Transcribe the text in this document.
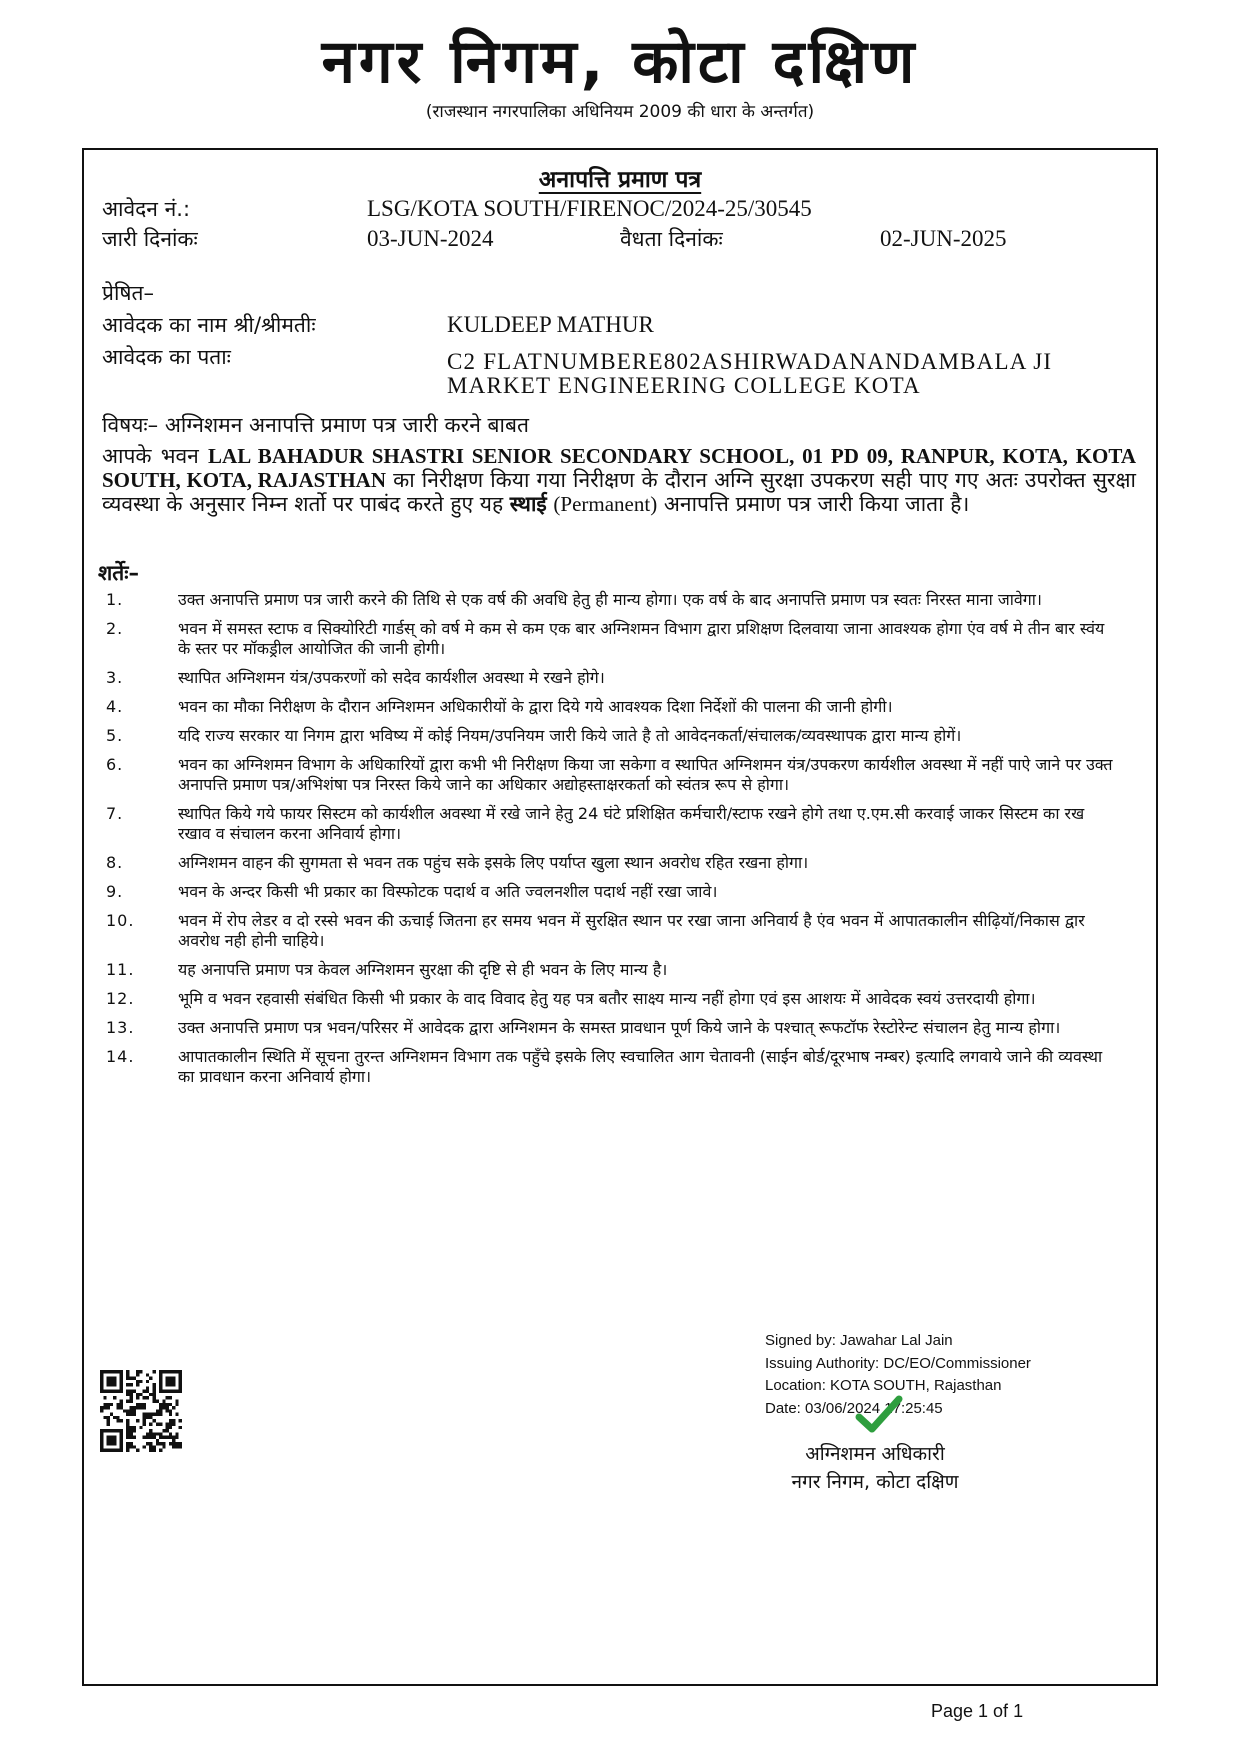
नगर निगम, कोटा दक्षिण
(राजस्थान नगरपालिका अधिनियम 2009 की धारा के अन्तर्गत)
अनापत्ति प्रमाण पत्र
आवेदन नं.:	LSG/KOTA SOUTH/FIRENOC/2024-25/30545
जारी दिनांकः	03-JUN-2024	वैधता दिनांकः	02-JUN-2025
प्रेषित–
आवेदक का नाम श्री/श्रीमतीः	KULDEEP MATHUR
आवेदक का पताः	C2 FLATNUMBERE802ASHIRWADANANDAMBALA JI MARKET ENGINEERING COLLEGE KOTA
विषयः– अग्निशमन अनापत्ति प्रमाण पत्र जारी करने बाबत
आपके भवन LAL BAHADUR SHASTRI SENIOR SECONDARY SCHOOL, 01 PD 09, RANPUR, KOTA, KOTA SOUTH, KOTA, RAJASTHAN का निरीक्षण किया गया निरीक्षण के दौरान अग्नि सुरक्षा उपकरण सही पाए गए अतः उपरोक्त सुरक्षा व्यवस्था के अनुसार निम्न शर्तो पर पाबंद करते हुए यह स्थाई (Permanent) अनापत्ति प्रमाण पत्र जारी किया जाता है।
शर्तेः–
1.	उक्त अनापत्ति प्रमाण पत्र जारी करने की तिथि से एक वर्ष की अवधि हेतु ही मान्य होगा। एक वर्ष के बाद अनापत्ति प्रमाण पत्र स्वतः निरस्त माना जावेगा।
2.	भवन में समस्त स्टाफ व सिक्योरिटी गार्डस् को वर्ष मे कम से कम एक बार अग्निशमन विभाग द्वारा प्रशिक्षण दिलवाया जाना आवश्यक होगा एंव वर्ष मे तीन बार स्वंय के स्तर पर मॉकड्रील आयोजित की जानी होगी।
3.	स्थापित अग्निशमन यंत्र/उपकरणों को सदेव कार्यशील अवस्था मे रखने होगे।
4.	भवन का मौका निरीक्षण के दौरान अग्निशमन अधिकारीयों के द्वारा दिये गये आवश्यक दिशा निर्देशों की पालना की जानी होगी।
5.	यदि राज्य सरकार या निगम द्वारा भविष्य में कोई नियम/उपनियम जारी किये जाते है तो आवेदनकर्ता/संचालक/व्यवस्थापक द्वारा मान्य होगें।
6.	भवन का अग्निशमन विभाग के अधिकारियों द्वारा कभी भी निरीक्षण किया जा सकेगा व स्थापित अग्निशमन यंत्र/उपकरण कार्यशील अवस्था में नहीं पाऐ जाने पर उक्त अनापत्ति प्रमाण पत्र/अभिशंषा पत्र निरस्त किये जाने का अधिकार अद्योहस्ताक्षरकर्ता को स्वंतत्र रूप से होगा।
7.	स्थापित किये गये फायर सिस्टम को कार्यशील अवस्था में रखे जाने हेतु 24 घंटे प्रशिक्षित कर्मचारी/स्टाफ रखने होगे तथा ए.एम.सी करवाई जाकर सिस्टम का रख रखाव व संचालन करना अनिवार्य होगा।
8.	अग्निशमन वाहन की सुगमता से भवन तक पहुंच सके इसके लिए पर्याप्त खुला स्थान अवरोध रहित रखना होगा।
9.	भवन के अन्दर किसी भी प्रकार का विस्फोटक पदार्थ व अति ज्वलनशील पदार्थ नहीं रखा जावे।
10.	भवन में रोप लेडर व दो रस्से भवन की ऊचाई जितना हर समय भवन में सुरक्षित स्थान पर रखा जाना अनिवार्य है एंव भवन में आपातकालीन सीढ़ियॉ/निकास द्वार अवरोध नही होनी चाहिये।
11.	यह अनापत्ति प्रमाण पत्र केवल अग्निशमन सुरक्षा की दृष्टि से ही भवन के लिए मान्य है।
12.	भूमि व भवन रहवासी संबंधित किसी भी प्रकार के वाद विवाद हेतु यह पत्र बतौर साक्ष्य मान्य नहीं होगा एवं इस आशयः में आवेदक स्वयं उत्तरदायी होगा।
13.	उक्त अनापत्ति प्रमाण पत्र भवन/परिसर में आवेदक द्वारा अग्निशमन के समस्त प्रावधान पूर्ण किये जाने के पश्चात् रूफटॉफ रेस्टोरेन्ट संचालन हेतु मान्य होगा।
14.	आपातकालीन स्थिति में सूचना तुरन्त अग्निशमन विभाग तक पहुँचे इसके लिए स्वचालित आग चेतावनी (साईन बोर्ड/दूरभाष नम्बर) इत्यादि लगवाये जाने की व्यवस्था का प्रावधान करना अनिवार्य होगा।
Signed by: Jawahar Lal Jain
Issuing Authority: DC/EO/Commissioner
Location: KOTA SOUTH, Rajasthan
Date: 03/06/2024 17:25:45
अग्निशमन अधिकारी
नगर निगम, कोटा दक्षिण
Page 1 of 1
